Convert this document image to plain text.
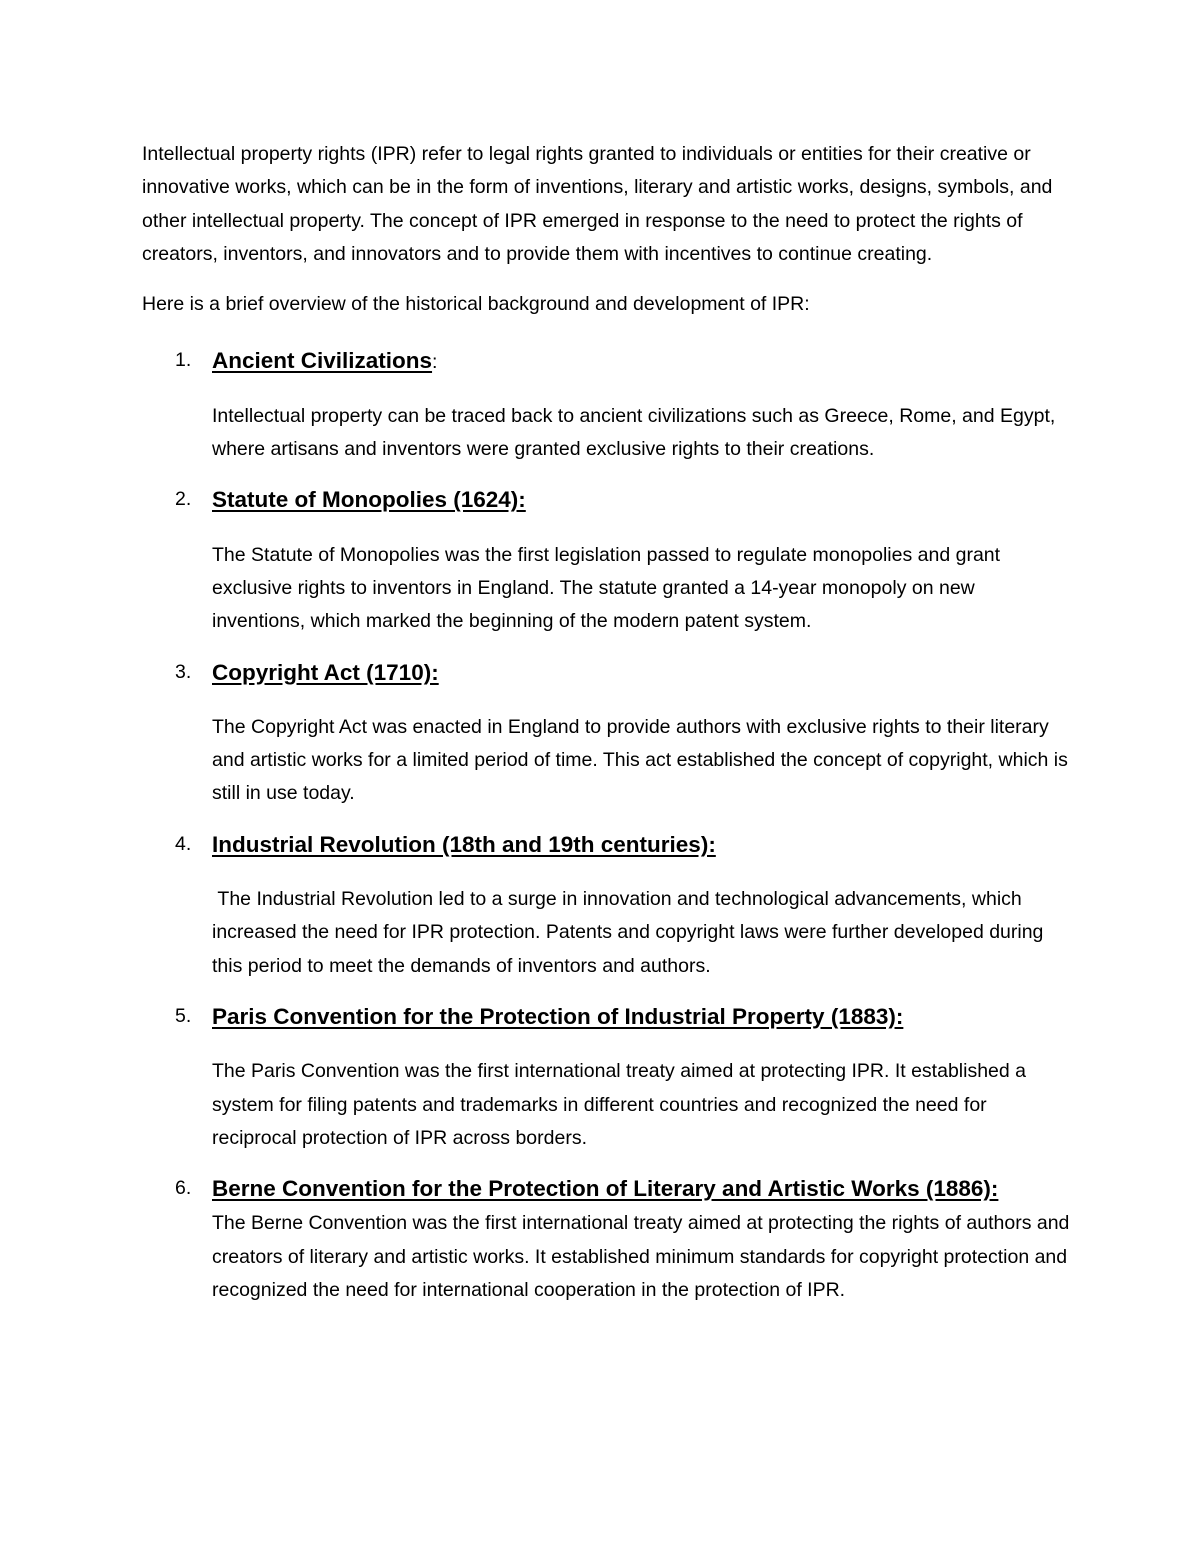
Intellectual property rights (IPR) refer to legal rights granted to individuals or entities for their creative or innovative works, which can be in the form of inventions, literary and artistic works, designs, symbols, and other intellectual property. The concept of IPR emerged in response to the need to protect the rights of creators, inventors, and innovators and to provide them with incentives to continue creating.

Here is a brief overview of the historical background and development of IPR:

1. Ancient Civilizations:

Intellectual property can be traced back to ancient civilizations such as Greece, Rome, and Egypt, where artisans and inventors were granted exclusive rights to their creations.

2. Statute of Monopolies (1624):

The Statute of Monopolies was the first legislation passed to regulate monopolies and grant exclusive rights to inventors in England. The statute granted a 14-year monopoly on new inventions, which marked the beginning of the modern patent system.

3. Copyright Act (1710):

The Copyright Act was enacted in England to provide authors with exclusive rights to their literary and artistic works for a limited period of time. This act established the concept of copyright, which is still in use today.

4. Industrial Revolution (18th and 19th centuries):

The Industrial Revolution led to a surge in innovation and technological advancements, which increased the need for IPR protection. Patents and copyright laws were further developed during this period to meet the demands of inventors and authors.

5. Paris Convention for the Protection of Industrial Property (1883):

The Paris Convention was the first international treaty aimed at protecting IPR. It established a system for filing patents and trademarks in different countries and recognized the need for reciprocal protection of IPR across borders.

6. Berne Convention for the Protection of Literary and Artistic Works (1886):

The Berne Convention was the first international treaty aimed at protecting the rights of authors and creators of literary and artistic works. It established minimum standards for copyright protection and recognized the need for international cooperation in the protection of IPR.
